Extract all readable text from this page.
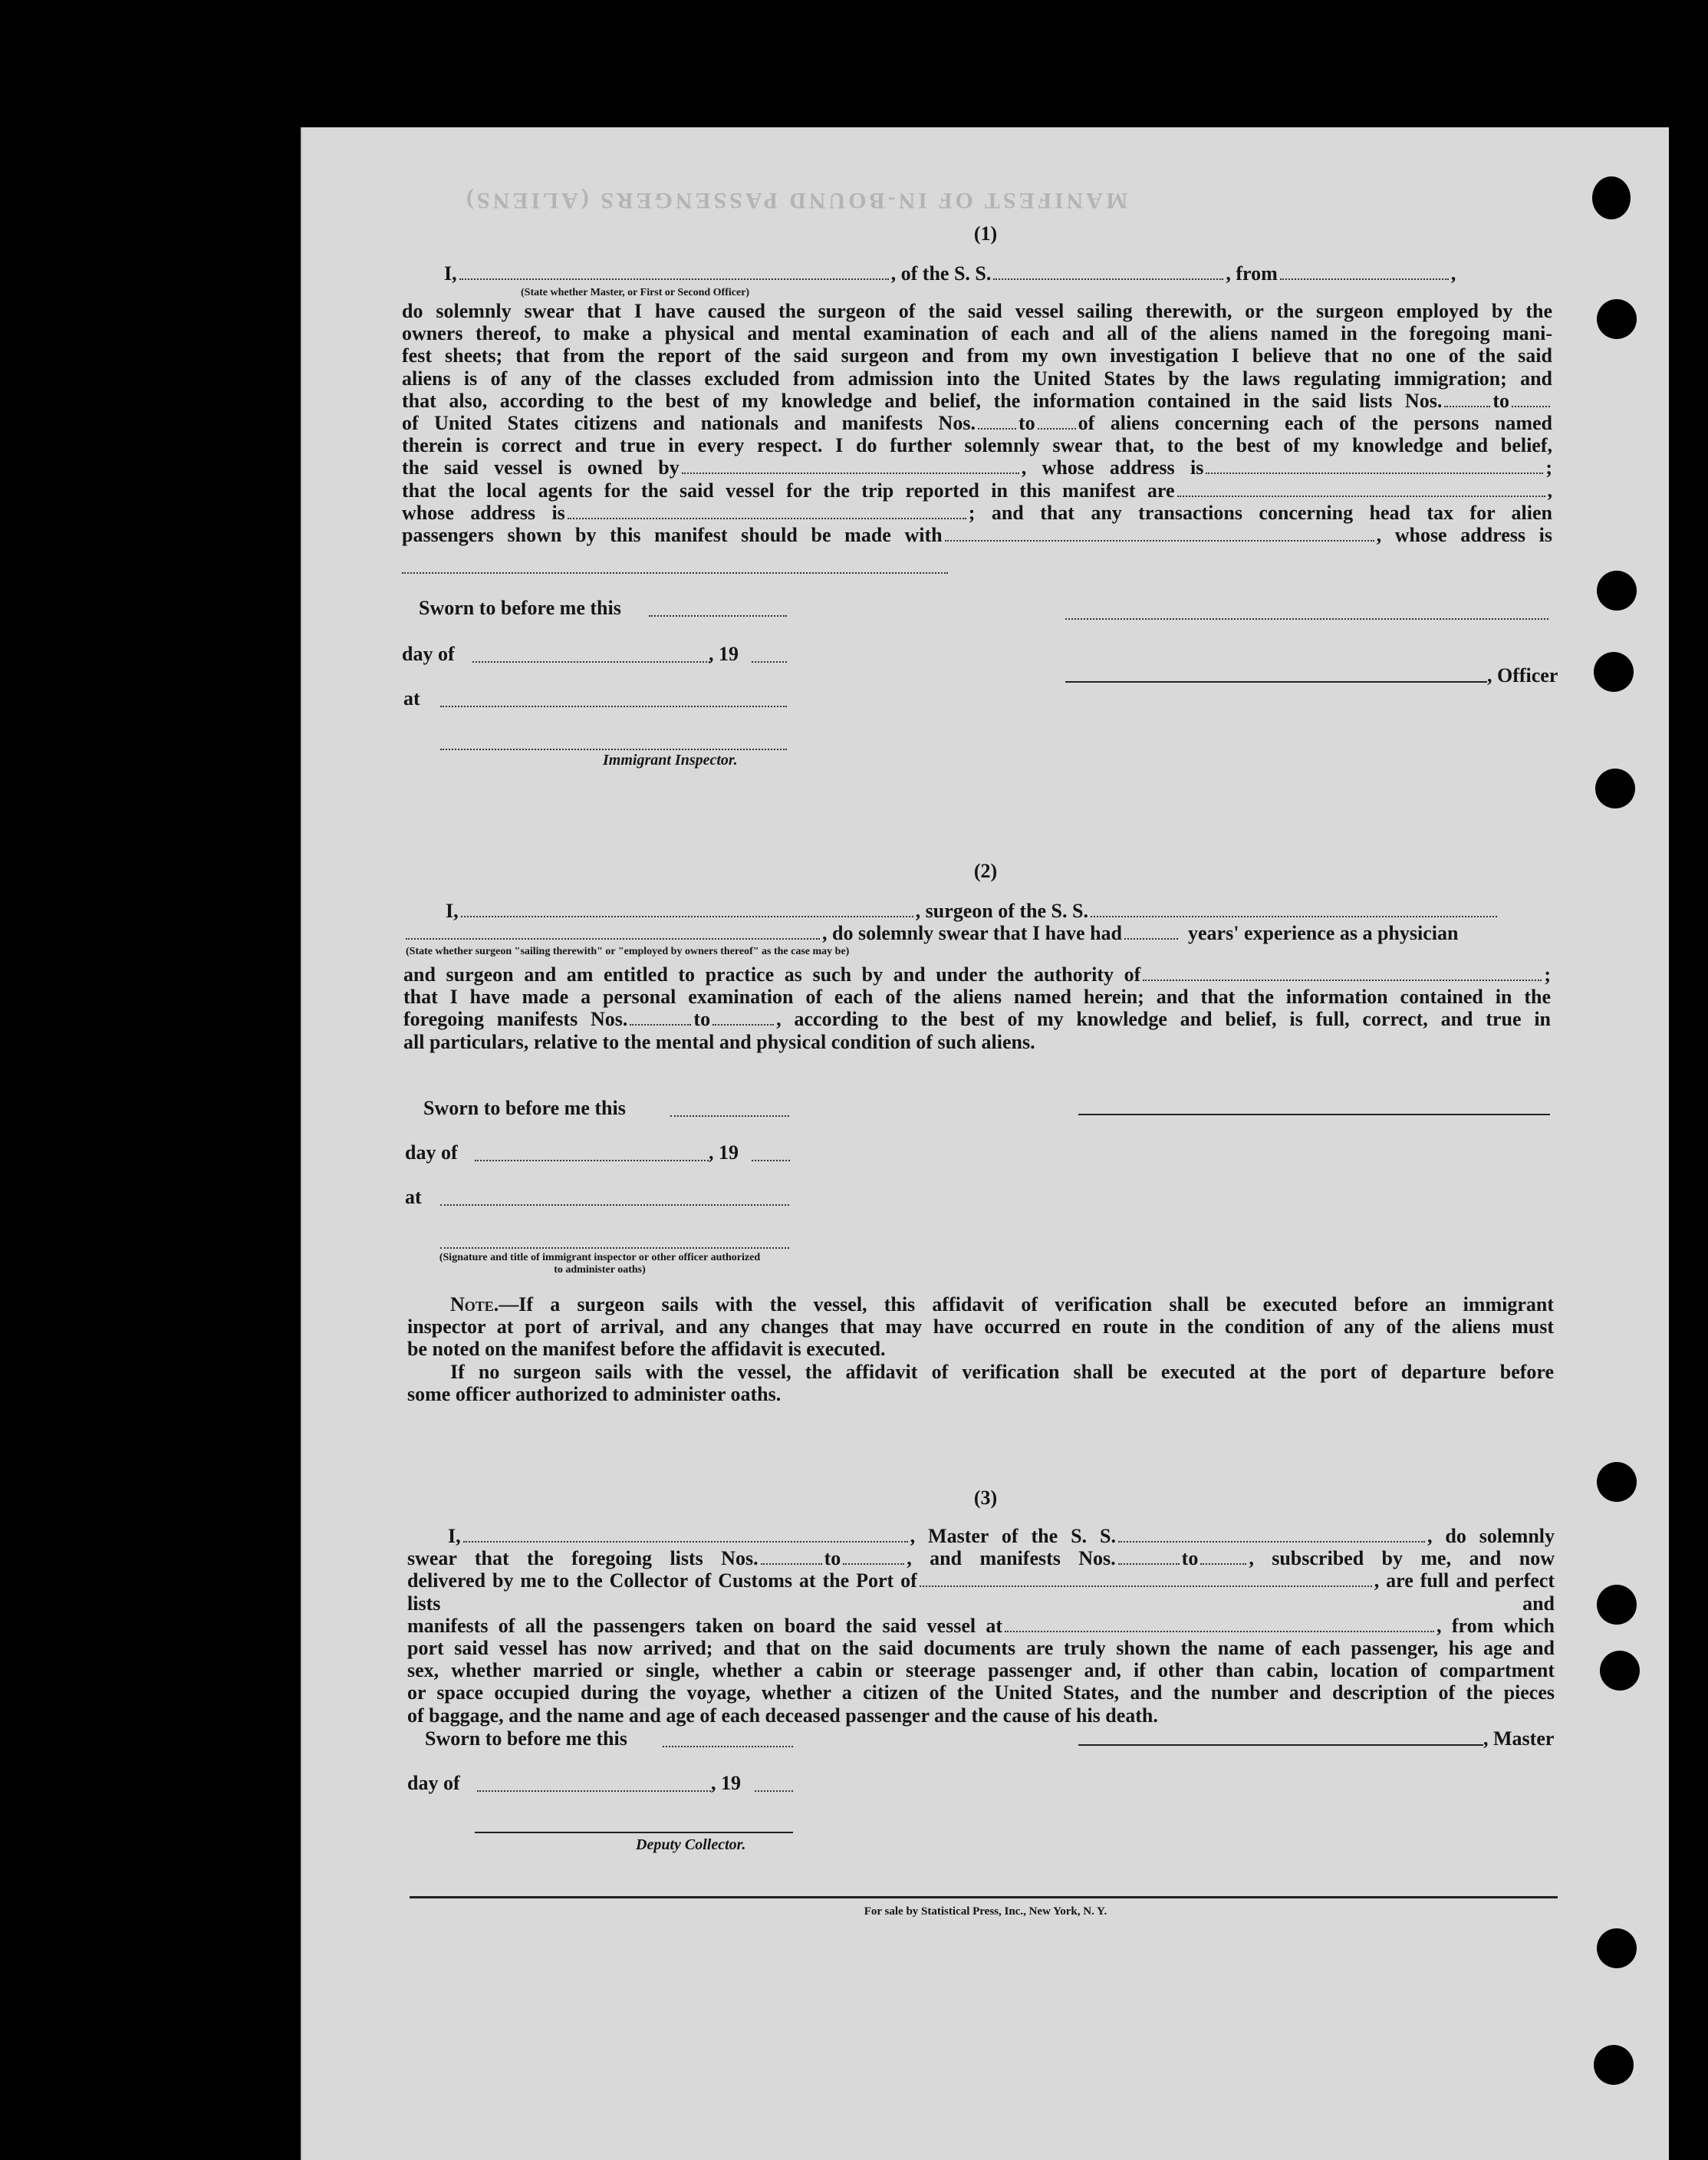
MANIFEST OF IN-BOUND PASSENGERS (ALIENS)
(1)
I,	, of the S. S.	, from	,
(State whether Master, or First or Second Officer)
do solemnly swear that I have caused the surgeon of the said vessel sailing therewith, or the surgeon employed by the
owners thereof, to make a physical and mental examination of each and all of the aliens named in the foregoing mani-
fest sheets; that from the report of the said surgeon and from my own investigation I believe that no one of the said
aliens is of any of the classes excluded from admission into the United States by the laws regulating immigration; and
that also, according to the best of my knowledge and belief, the information contained in the said lists Nos.	to
of United States citizens and nationals and manifests Nos. to of aliens concerning each of the persons named
therein is correct and true in every respect. I do further solemnly swear that, to the best of my knowledge and belief,
the said vessel is owned by	, whose address is	;
that the local agents for the said vessel for the trip reported in this manifest are	,
whose address is	; and that any transactions concerning head tax for alien
passengers shown by this manifest should be made with	, whose address is
Sworn to before me this
day of	, 19
, Officer
at
Immigrant Inspector.
(2)
I,	, surgeon of the S. S.
, do solemnly swear that I have had	years' experience as a physician
(State whether surgeon "sailing therewith" or "employed by owners thereof" as the case may be)
and surgeon and am entitled to practice as such by and under the authority of	;
that I have made a personal examination of each of the aliens named herein; and that the information contained in the
foregoing manifests Nos.	to	, according to the best of my knowledge and belief, is full, correct, and true in
all particulars, relative to the mental and physical condition of such aliens.
Sworn to before me this
day of	, 19
at
(Signature and title of immigrant inspector or other officer authorized to administer oaths)
Note.—If a surgeon sails with the vessel, this affidavit of verification shall be executed before an immigrant
inspector at port of arrival, and any changes that may have occurred en route in the condition of any of the aliens must
be noted on the manifest before the affidavit is executed.
If no surgeon sails with the vessel, the affidavit of verification shall be executed at the port of departure before
some officer authorized to administer oaths.
(3)
I,	, Master of the S. S.	, do solemnly
swear that the foregoing lists Nos.	to	, and manifests Nos.	to	, subscribed by me, and now
delivered by me to the Collector of Customs at the Port of	, are full and perfect lists and
manifests of all the passengers taken on board the said vessel at	, from which
port said vessel has now arrived; and that on the said documents are truly shown the name of each passenger, his age and
sex, whether married or single, whether a cabin or steerage passenger and, if other than cabin, location of compartment
or space occupied during the voyage, whether a citizen of the United States, and the number and description of the pieces
of baggage, and the name and age of each deceased passenger and the cause of his death.
Sworn to before me this	, Master
day of	, 19
Deputy Collector.
For sale by Statistical Press, Inc., New York, N. Y.
